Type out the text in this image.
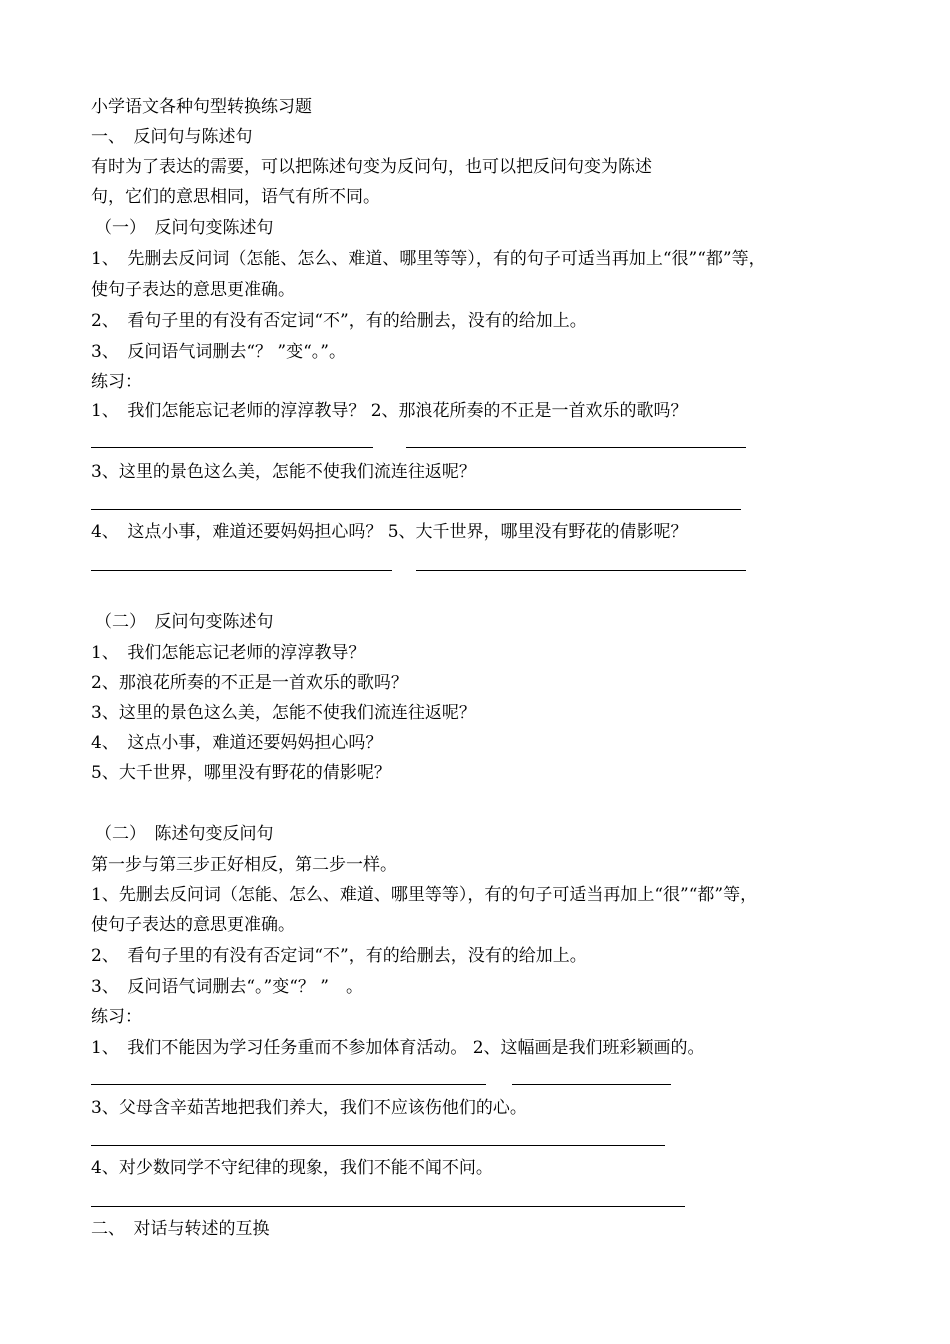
小学语文各种句型转换练习题
一、　反问句与陈述句
有时为了表达的需要，可以把陈述句变为反问句，也可以把反问句变为陈述
句，它们的意思相同，语气有所不同。
（一）　反问句变陈述句
1、　先删去反问词（怎能、怎么、难道、哪里等等），有的句子可适当再加上“很”“都”等，
使句子表达的意思更准确。
2、　看句子里的有没有否定词“不”，有的给删去，没有的给加上。
3、　反问语气词删去“？ ”变“。”。
练习：
1、　我们怎能忘记老师的淳淳教导？ 2、那浪花所奏的不正是一首欢乐的歌吗？
3、这里的景色这么美，怎能不使我们流连往返呢？
4、　这点小事，难道还要妈妈担心吗？ 5、大千世界，哪里没有野花的倩影呢？
（二）　反问句变陈述句
1、　我们怎能忘记老师的淳淳教导？
2、那浪花所奏的不正是一首欢乐的歌吗？
3、这里的景色这么美，怎能不使我们流连往返呢？
4、　这点小事，难道还要妈妈担心吗？
5、大千世界，哪里没有野花的倩影呢？
（二）　陈述句变反问句
第一步与第三步正好相反，第二步一样。
1、先删去反问词（怎能、怎么、难道、哪里等等），有的句子可适当再加上“很”“都”等，
使句子表达的意思更准确。
2、　看句子里的有没有否定词“不”，有的给删去，没有的给加上。
3、　反问语气词删去“。”变“？ ”　。
练习：
1、　我们不能因为学习任务重而不参加体育活动。 2、这幅画是我们班彩颖画的。
3、父母含辛茹苦地把我们养大，我们不应该伤他们的心。
4、对少数同学不守纪律的现象，我们不能不闻不问。
二、　对话与转述的互换
